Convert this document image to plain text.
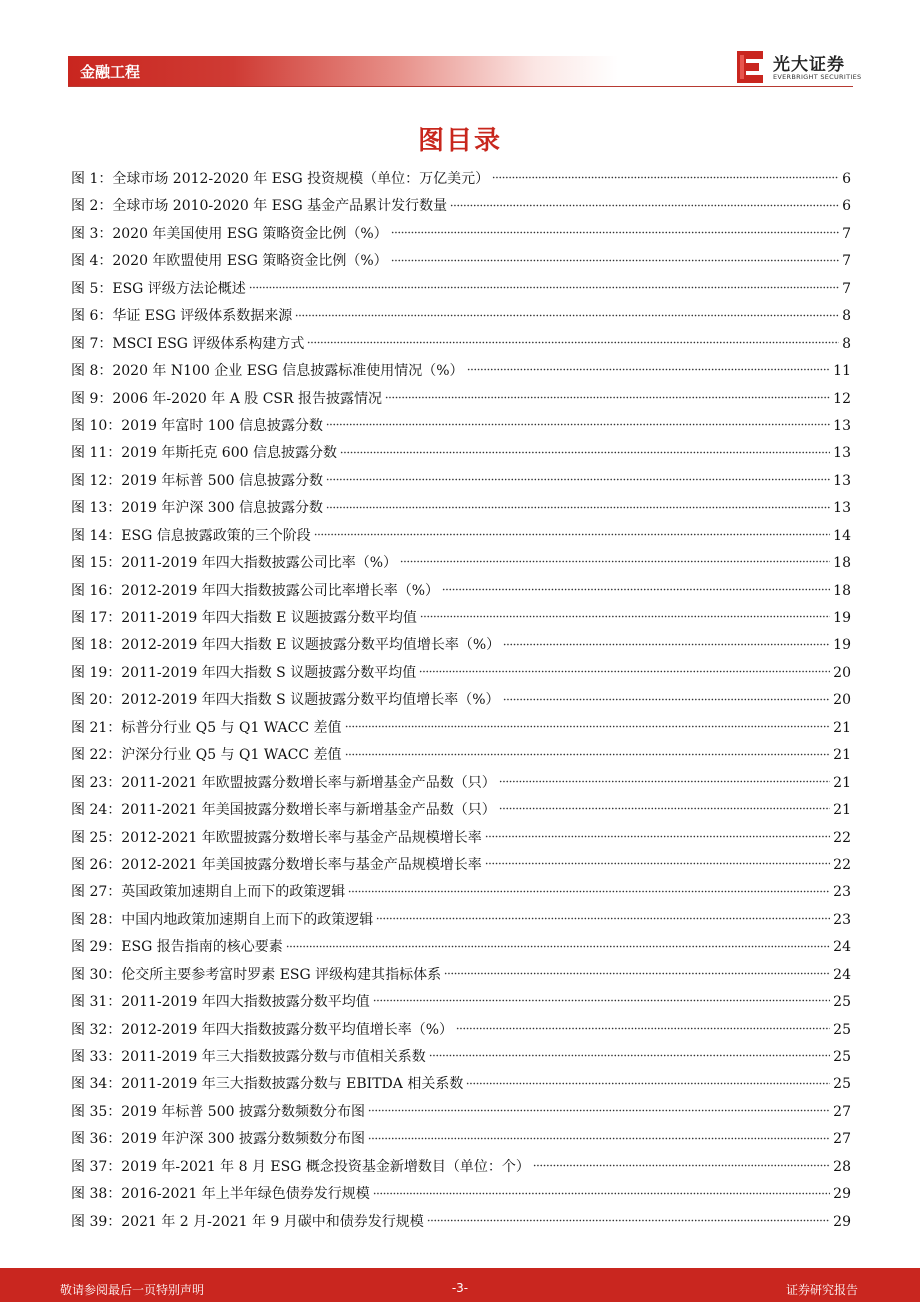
金融工程	光大证券
EVERBRIGHT SECURITIES
图目录
图 1：全球市场 2012-2020 年 ESG 投资规模（单位：万亿美元）	6
图 2：全球市场 2010-2020 年 ESG 基金产品累计发行数量	6
图 3：2020 年美国使用 ESG 策略资金比例（%）	7
图 4：2020 年欧盟使用 ESG 策略资金比例（%）	7
图 5：ESG 评级方法论概述	7
图 6：华证 ESG 评级体系数据来源	8
图 7：MSCI ESG 评级体系构建方式	8
图 8：2020 年 N100 企业 ESG 信息披露标准使用情况（%）	11
图 9：2006 年-2020 年 A 股 CSR 报告披露情况	12
图 10：2019 年富时 100 信息披露分数	13
图 11：2019 年斯托克 600 信息披露分数	13
图 12：2019 年标普 500 信息披露分数	13
图 13：2019 年沪深 300 信息披露分数	13
图 14：ESG 信息披露政策的三个阶段	14
图 15：2011-2019 年四大指数披露公司比率（%）	18
图 16：2012-2019 年四大指数披露公司比率增长率（%）	18
图 17：2011-2019 年四大指数 E 议题披露分数平均值	19
图 18：2012-2019 年四大指数 E 议题披露分数平均值增长率（%）	19
图 19：2011-2019 年四大指数 S 议题披露分数平均值	20
图 20：2012-2019 年四大指数 S 议题披露分数平均值增长率（%）	20
图 21：标普分行业 Q5 与 Q1 WACC 差值	21
图 22：沪深分行业 Q5 与 Q1 WACC 差值	21
图 23：2011-2021 年欧盟披露分数增长率与新增基金产品数（只）	21
图 24：2011-2021 年美国披露分数增长率与新增基金产品数（只）	21
图 25：2012-2021 年欧盟披露分数增长率与基金产品规模增长率	22
图 26：2012-2021 年美国披露分数增长率与基金产品规模增长率	22
图 27：英国政策加速期自上而下的政策逻辑	23
图 28：中国内地政策加速期自上而下的政策逻辑	23
图 29：ESG 报告指南的核心要素	24
图 30：伦交所主要参考富时罗素 ESG 评级构建其指标体系	24
图 31：2011-2019 年四大指数披露分数平均值	25
图 32：2012-2019 年四大指数披露分数平均值增长率（%）	25
图 33：2011-2019 年三大指数披露分数与市值相关系数	25
图 34：2011-2019 年三大指数披露分数与 EBITDA 相关系数	25
图 35：2019 年标普 500 披露分数频数分布图	27
图 36：2019 年沪深 300 披露分数频数分布图	27
图 37：2019 年-2021 年 8 月 ESG 概念投资基金新增数目（单位：个）	28
图 38：2016-2021 年上半年绿色债券发行规模	29
图 39：2021 年 2 月-2021 年 9 月碳中和债券发行规模	29
敬请参阅最后一页特别声明	-3-	证券研究报告
